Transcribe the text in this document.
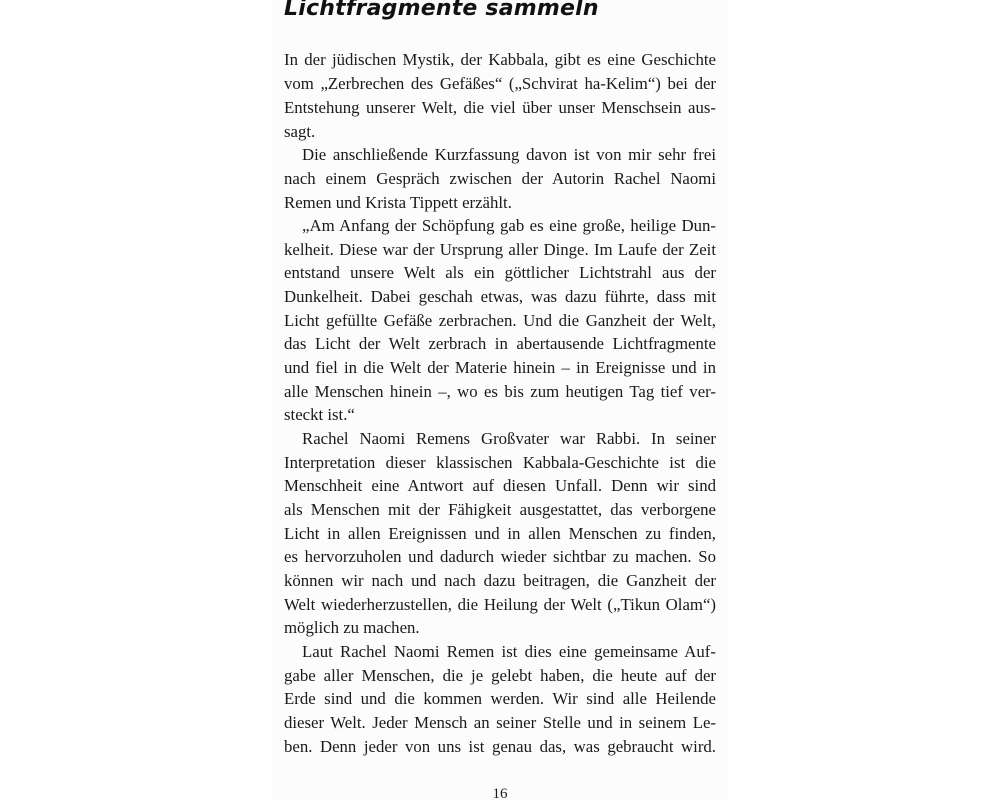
Lichtfragmente sammeln
In der jüdischen Mystik, der Kabbala, gibt es eine Geschichte
vom „Zerbrechen des Gefäßes“ („Schvirat ha-Kelim“) bei der
Entstehung unserer Welt, die viel über unser Menschsein aus-
sagt.
Die anschließende Kurzfassung davon ist von mir sehr frei
nach einem Gespräch zwischen der Autorin Rachel Naomi
Remen und Krista Tippett erzählt.
„Am Anfang der Schöpfung gab es eine große, heilige Dun-
kelheit. Diese war der Ursprung aller Dinge. Im Laufe der Zeit
entstand unsere Welt als ein göttlicher Lichtstrahl aus der
Dunkelheit. Dabei geschah etwas, was dazu führte, dass mit
Licht gefüllte Gefäße zerbrachen. Und die Ganzheit der Welt,
das Licht der Welt zerbrach in abertausende Lichtfragmente
und fiel in die Welt der Materie hinein – in Ereignisse und in
alle Menschen hinein –, wo es bis zum heutigen Tag tief ver-
steckt ist.“
Rachel Naomi Remens Großvater war Rabbi. In seiner
Interpretation dieser klassischen Kabbala-Geschichte ist die
Menschheit eine Antwort auf diesen Unfall. Denn wir sind
als Menschen mit der Fähigkeit ausgestattet, das verborgene
Licht in allen Ereignissen und in allen Menschen zu finden,
es hervorzuholen und dadurch wieder sichtbar zu machen. So
können wir nach und nach dazu beitragen, die Ganzheit der
Welt wiederherzustellen, die Heilung der Welt („Tikun Olam“)
möglich zu machen.
Laut Rachel Naomi Remen ist dies eine gemeinsame Auf-
gabe aller Menschen, die je gelebt haben, die heute auf der
Erde sind und die kommen werden. Wir sind alle Heilende
dieser Welt. Jeder Mensch an seiner Stelle und in seinem Le-
ben. Denn jeder von uns ist genau das, was gebraucht wird.
16
